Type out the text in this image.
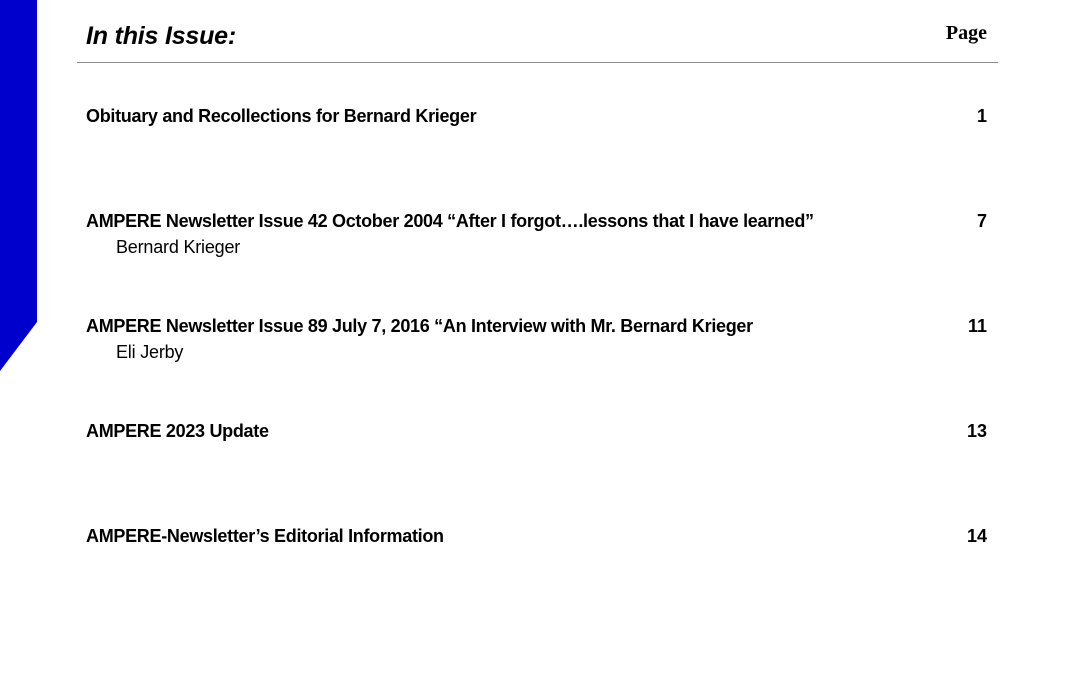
In this Issue:	Page
Obituary and Recollections for Bernard Krieger	1
AMPERE Newsletter Issue 42 October 2004 “After I forgot….lessons that I have learned”	7
Bernard Krieger
AMPERE Newsletter Issue 89 July 7, 2016 “An Interview with Mr. Bernard Krieger	11
Eli Jerby
AMPERE 2023 Update	13
AMPERE-Newsletter’s Editorial Information	14
